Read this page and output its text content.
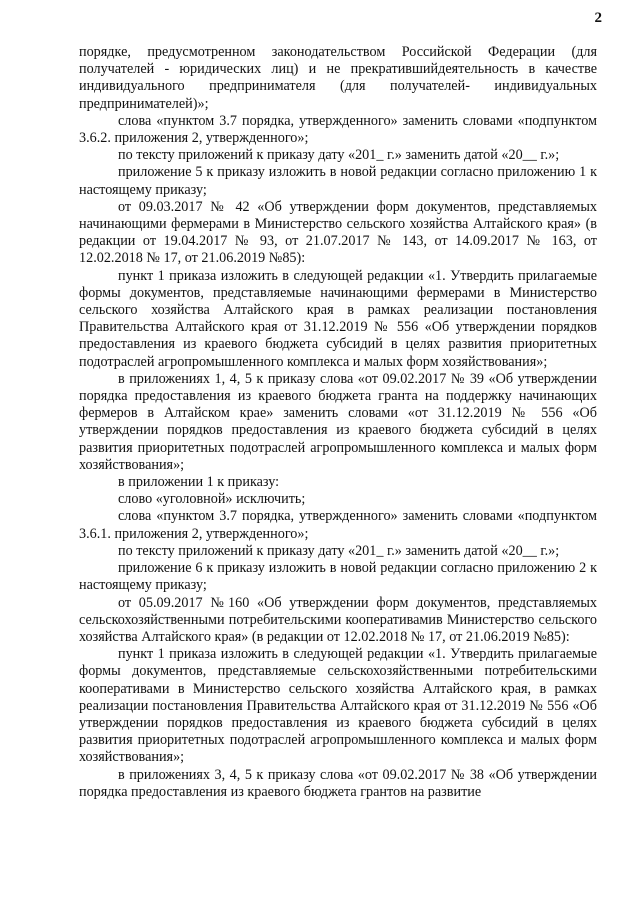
2

порядке, предусмотренном законодательством Российской Федерации (для получателей - юридических лиц) и не прекратившийдеятельность в качестве индивидуального предпринимателя (для получателей- индивидуальных предпринимателей)»;

слова «пунктом 3.7 порядка, утвержденного» заменить словами «подпунктом 3.6.2. приложения 2, утвержденного»;

по тексту приложений к приказу дату «201_ г.» заменить датой «20__ г.»;

приложение 5 к приказу изложить в новой редакции согласно приложению 1 к настоящему приказу;

от 09.03.2017 № 42 «Об утверждении форм документов, представляемых начинающими фермерами в Министерство сельского хозяйства Алтайского края» (в редакции от 19.04.2017 № 93, от 21.07.2017 № 143, от 14.09.2017 № 163, от 12.02.2018 № 17, от 21.06.2019 №85):

пункт 1 приказа изложить в следующей редакции «1. Утвердить прилагаемые формы документов, представляемые начинающими фермерами в Министерство сельского хозяйства Алтайского края в рамках реализации постановления Правительства Алтайского края от 31.12.2019 № 556 «Об утверждении порядков предоставления из краевого бюджета субсидий в целях развития приоритетных подотраслей агропромышленного комплекса и малых форм хозяйствования»;

в приложениях 1, 4, 5 к приказу слова «от 09.02.2017 № 39 «Об утверждении порядка предоставления из краевого бюджета гранта на поддержку начинающих фермеров в Алтайском крае» заменить словами «от 31.12.2019 № 556 «Об утверждении порядков предоставления из краевого бюджета субсидий в целях развития приоритетных подотраслей агропромышленного комплекса и малых форм хозяйствования»;

в приложении 1 к приказу:

слово «уголовной» исключить;

слова «пунктом 3.7 порядка, утвержденного» заменить словами «подпунктом 3.6.1. приложения 2, утвержденного»;

по тексту приложений к приказу дату «201_ г.» заменить датой «20__ г.»;

приложение 6 к приказу изложить в новой редакции согласно приложению 2 к настоящему приказу;

от 05.09.2017 №160 «Об утверждении форм документов, представляемых сельскохозяйственными потребительскими кооперативамив Министерство сельского хозяйства Алтайского края» (в редакции от 12.02.2018 № 17, от 21.06.2019 №85):

пункт 1 приказа изложить в следующей редакции «1. Утвердить прилагаемые формы документов, представляемые сельскохозяйственными потребительскими кооперативами в Министерство сельского хозяйства Алтайского края, в рамках реализации постановления Правительства Алтайского края от 31.12.2019 № 556 «Об утверждении порядков предоставления из краевого бюджета субсидий в целях развития приоритетных подотраслей агропромышленного комплекса и малых форм хозяйствования»;

в приложениях 3, 4, 5 к приказу слова «от 09.02.2017 № 38 «Об утверждении порядка предоставления из краевого бюджета грантов на развитие
